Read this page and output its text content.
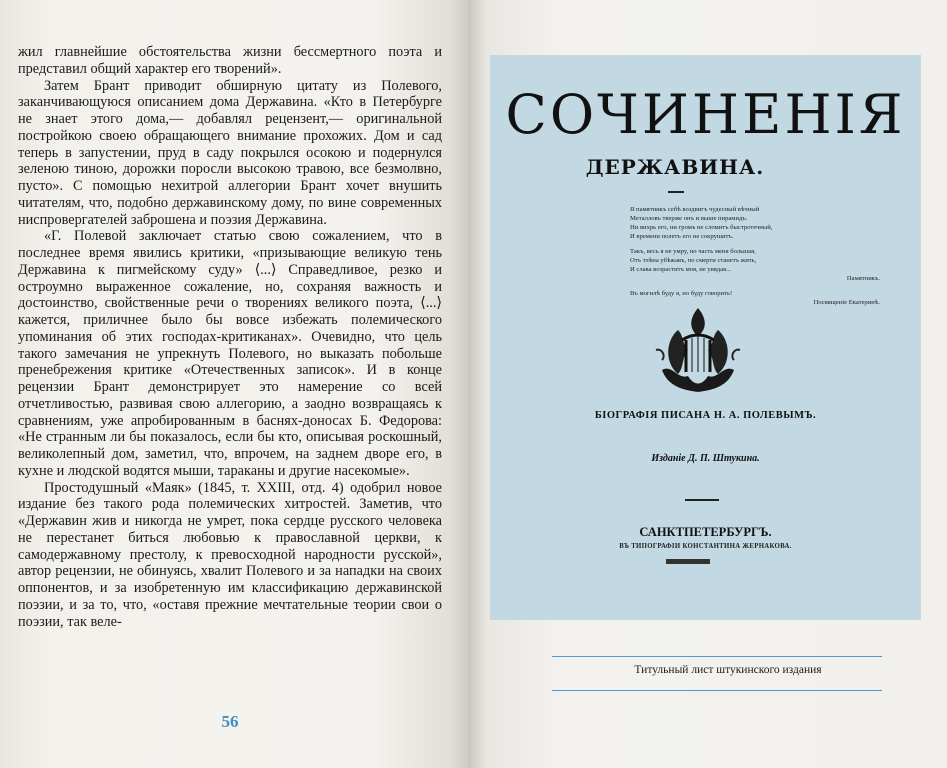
жил главнейшие обстоятельства жизни бессмертного поэта и представил общий характер его творений».

Затем Брант приводит обширную цитату из Полевого, заканчивающуюся описанием дома Державина. «Кто в Петербурге не знает этого дома,— добавлял рецензент,— оригинальной постройкою своею обращающего внимание прохожих. Дом и сад теперь в запустении, пруд в саду покрылся осокою и подернулся зеленою тиною, дорожки поросли высокою травою, все безмолвно, пусто». С помощью нехитрой аллегории Брант хочет внушить читателям, что, подобно державинскому дому, по вине современных ниспровергателей заброшена и поэзия Державина.

«Г. Полевой заключает статью свою сожалением, что в последнее время явились критики, «призывающие великую тень Державина к пигмейскому суду» ⟨...⟩ Справедливое, резко и остроумно выраженное сожаление, но, сохраняя важность и достоинство, свойственные речи о творениях великого поэта, ⟨...⟩ кажется, приличнее было бы вовсе избежать полемического упоминания об этих господах-критиканах». Очевидно, что цель такого замечания не упрекнуть Полевого, но выказать побольше пренебрежения критике «Отечественных записок». И в конце рецензии Брант демонстрирует это намерение со всей отчетливостью, развивая свою аллегорию, а заодно возвращаясь к сравнениям, уже апробированным в баснях-доносах Б. Федорова: «Не странным ли бы показалось, если бы кто, описывая роскошный, великолепный дом, заметил, что, впрочем, на заднем дворе его, в кухне и людской водятся мыши, тараканы и другие насекомые».

Простодушный «Маяк» (1845, т. XXIII, отд. 4) одобрил новое издание без такого рода полемических хитростей. Заметив, что «Державин жив и никогда не умрет, пока сердце русского человека не перестанет биться любовью к православной церкви, к самодержавному престолу, к превосходной народности русской», автор рецензии, не обинуясь, хвалит Полевого и за нападки на своих оппонентов, и за изобретенную им классификацию державинской поэзии, и за то, что, «оставя прежние мечтательные теории свои о поэзии, так веле-

56
СОЧИНЕНІЯ
ДЕРЖАВИНА.
Я памятникъ себѣ воздвигъ чудесный вѣчный
Металловъ тверже онъ и выше пирамидъ.
Ни вихрь его, ни громъ не сломитъ быстротечный,
И времени полетъ его не сокрушитъ.
Такъ, весь я не умру, но часть меня большая,
Отъ тлѣна убѣжавъ, по смерти станетъ жить,
И слава возраститъ моя, не увядая...
Памятникъ.
Въ могилѣ буду я, но буду говорить!
Посвященіе Екатеринѣ.
БІОГРАФІЯ ПИСАНА Н. А. ПОЛЕВЫМЪ.
Изданіе Д. П. Штукина.
САНКТПЕТЕРБУРГЪ.
ВЪ ТИПОГРАФІИ КОНСТАНТИНА ЖЕРНАКОВА.
Титульный лист штукинского издания
